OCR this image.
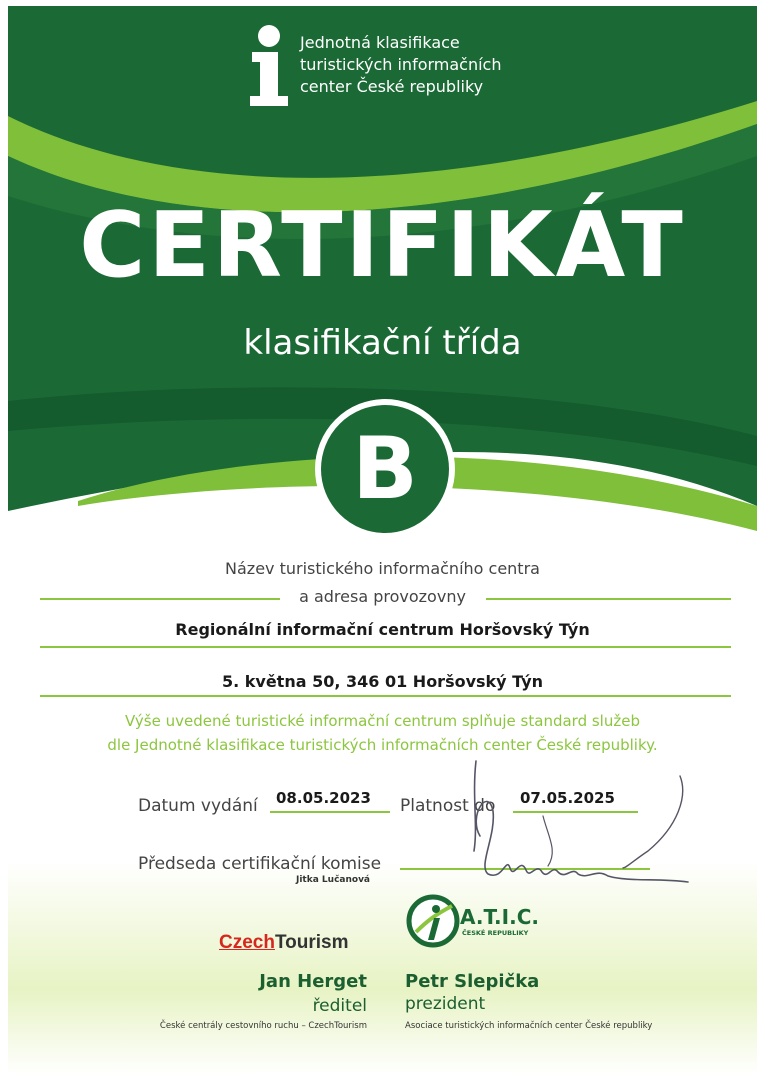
Jednotná klasifikace
turistických informačních
center České republiky
CERTIFIKÁT
klasifikační třída
B
Název turistického informačního centra
a adresa provozovny
Regionální informační centrum Horšovský Týn
5. května 50, 346 01 Horšovský Týn
Výše uvedené turistické informační centrum splňuje standard služeb
dle Jednotné klasifikace turistických informačních center České republiky.
Datum vydání 08.05.2023 Platnost do 07.05.2025
Předseda certifikační komise
Jitka Lučanová
CzechTourism
A.T.I.C.
ČESKÉ REPUBLIKY
Jan Herget
ředitel
České centrály cestovního ruchu – CzechTourism
Petr Slepička
prezident
Asociace turistických informačních center České republiky
